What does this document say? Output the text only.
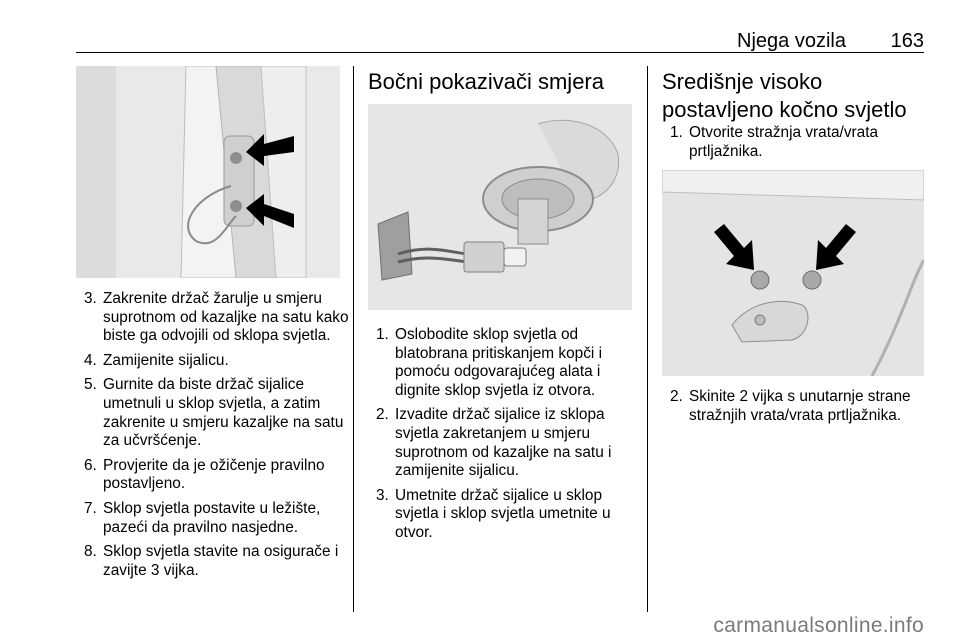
Njega vozila 163
3. Zakrenite držač žarulje u smjeru suprotnom od kazaljke na satu kako biste ga odvojili od sklopa svjetla.
4. Zamijenite sijalicu.
5. Gurnite da biste držač sijalice umetnuli u sklop svjetla, a zatim zakrenite u smjeru kazaljke na satu za učvršćenje.
6. Provjerite da je ožičenje pravilno postavljeno.
7. Sklop svjetla postavite u ležište, pazeći da pravilno nasjedne.
8. Sklop svjetla stavite na osigurače i zavijte 3 vijka.
Bočni pokazivači smjera
1. Oslobodite sklop svjetla od blatobrana pritiskanjem kopči i pomoću odgovarajućeg alata i dignite sklop svjetla iz otvora.
2. Izvadite držač sijalice iz sklopa svjetla zakretanjem u smjeru suprotnom od kazaljke na satu i zamijenite sijalicu.
3. Umetnite držač sijalice u sklop svjetla i sklop svjetla umetnite u otvor.
Središnje visoko
postavljeno kočno svjetlo
1. Otvorite stražnja vrata/vrata prtljažnika.
2. Skinite 2 vijka s unutarnje strane stražnjih vrata/vrata prtljažnika.
carmanualsonline.info
